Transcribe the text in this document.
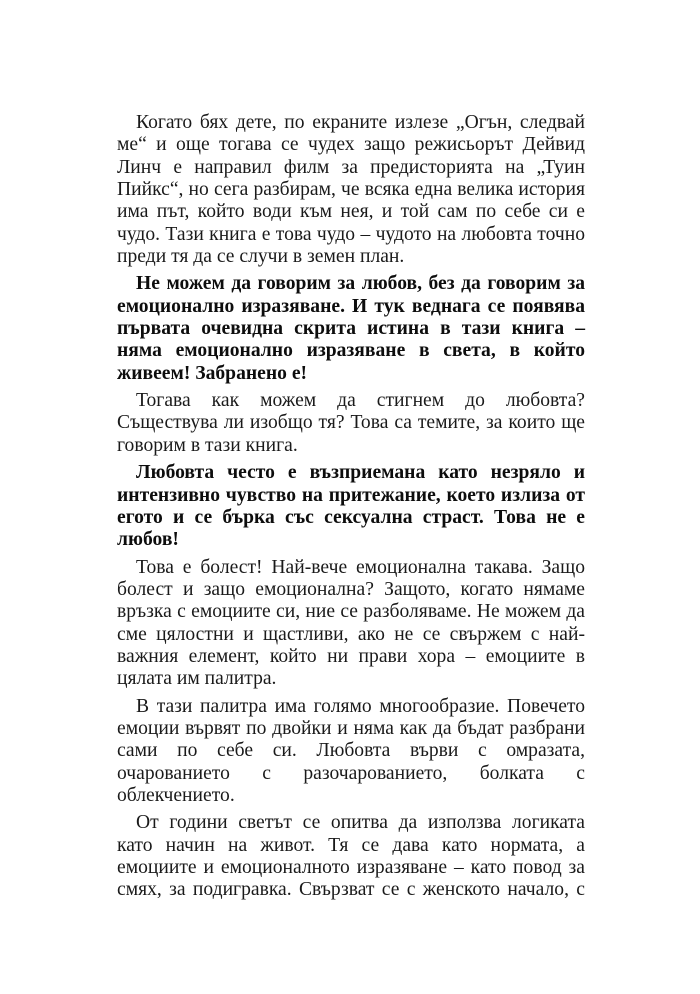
Когато бях дете, по екраните излезе „Огън, следвай ме“ и още тогава се чудех защо режисьорът Дейвид Линч е направил филм за предисторията на „Туин Пийкс“, но сега разбирам, че всяка една велика история има път, който води към нея, и той сам по себе си е чудо. Тази книга е това чудо – чудото на любовта точно преди тя да се случи в земен план.

Не можем да говорим за любов, без да говорим за емоционално изразяване. И тук веднага се появява първата очевидна скрита истина в тази книга – няма емоционално изразяване в света, в който живеем! Забранено е!

Тогава как можем да стигнем до любовта? Съществува ли изобщо тя? Това са темите, за които ще говорим в тази книга.

Любовта често е възприемана като незряло и интензивно чувство на притежание, което излиза от егото и се бърка със сексуална страст. Това не е любов!

Това е болест! Най-вече емоционална такава. Защо болест и защо емоционална? Защото, когато нямаме връзка с емоциите си, ние се разболяваме. Не можем да сме цялостни и щастливи, ако не се свържем с най-важния елемент, който ни прави хора – емоциите в цялата им палитра.

В тази палитра има голямо многообразие. Повечето емоции вървят по двойки и няма как да бъдат разбрани сами по себе си. Любовта върви с омразата, очарованието с разочарованието, болката с облекчението.

От години светът се опитва да използва логиката като начин на живот. Тя се дава като нормата, а емоциите и емоционалното изразяване – като повод за смях, за подигравка. Свързват се с женското начало, с
